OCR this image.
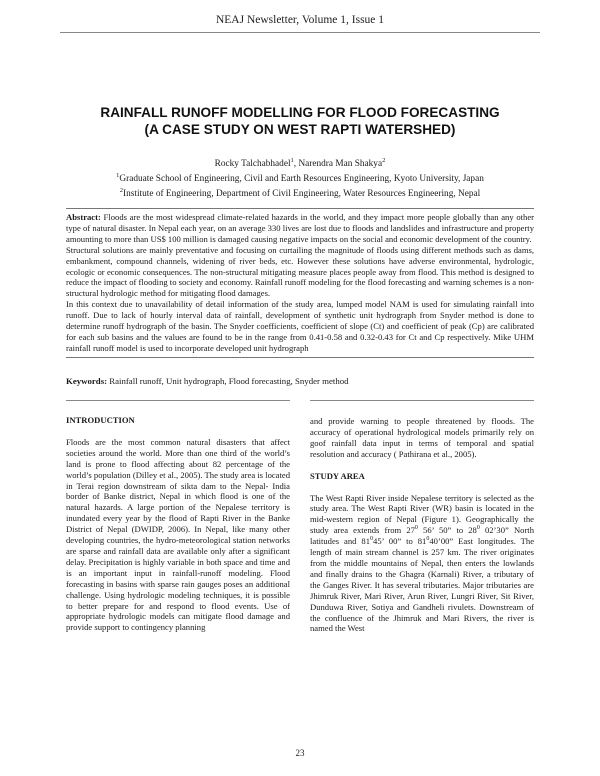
NEAJ Newsletter, Volume 1, Issue 1
RAINFALL RUNOFF MODELLING FOR FLOOD FORECASTING
(A CASE STUDY ON WEST RAPTI WATERSHED)
Rocky Talchabhadel$^1$, Narendra Man Shakya$^2$
$^1$Graduate School of Engineering, Civil and Earth Resources Engineering, Kyoto University, Japan
$^2$Institute of Engineering, Department of Civil Engineering, Water Resources Engineering, Nepal

Abstract: Floods are the most widespread climate-related hazards in the world, and they impact more people globally than any other type of natural disaster. In Nepal each year, on an average 330 lives are lost due to floods and landslides and infrastructure and property amounting to more than US$ 100 million is damaged causing negative impacts on the social and economic development of the country.

Structural solutions are mainly preventative and focusing on curtailing the magnitude of floods using different methods such as dams, embankment, compound channels, widening of river beds, etc. However these solutions have adverse environmental, hydrologic, ecologic or economic consequences. The non-structural mitigating measure places people away from flood. This method is designed to reduce the impact of flooding to society and economy. Rainfall runoff modeling for the flood forecasting and warning schemes is a non-structural hydrologic method for mitigating flood damages.

In this context due to unavailability of detail information of the study area, lumped model NAM is used for simulating rainfall into runoff. Due to lack of hourly interval data of rainfall, development of synthetic unit hydrograph from Snyder method is done to determine runoff hydrograph of the basin. The Snyder coefficients, coefficient of slope (Ct) and coefficient of peak (Cp) are calibrated for each sub basins and the values are found to be in the range from 0.41-0.58 and 0.32-0.43 for Ct and Cp respectively. Mike UHM rainfall runoff model is used to incorporate developed unit hydrograph

Keywords: Rainfall runoff, Unit hydrograph, Flood forecasting, Snyder method

INTRODUCTION

Floods are the most common natural disasters that affect societies around the world. More than one third of the world’s land is prone to flood affecting about 82 percentage of the world’s population (Dilley et al., 2005). The study area is located in Terai region downstream of sikta dam to the Nepal- India border of Banke district, Nepal in which flood is one of the natural hazards. A large portion of the Nepalese territory is inundated every year by the flood of Rapti River in the Banke District of Nepal (DWIDP, 2006). In Nepal, like many other developing countries, the hydro-meteorological station networks are sparse and rainfall data are available only after a significant delay. Precipitation is highly variable in both space and time and is an important input in rainfall-runoff modeling. Flood forecasting in basins with sparse rain gauges poses an additional challenge. Using hydrologic modeling techniques, it is possible to better prepare for and respond to flood events. Use of appropriate hydrologic models can mitigate flood damage and provide support to contingency planning

and provide warning to people threatened by floods. The accuracy of operational hydrological models primarily rely on goof rainfall data input in terms of temporal and spatial resolution and accuracy ( Pathirana et al., 2005).

STUDY AREA

The West Rapti River inside Nepalese territory is selected as the study area. The West Rapti River (WR) basin is located in the mid-western region of Nepal (Figure 1). Geographically the study area extends from $27^0$ 56’ 50” to $28^0$ 02’30” North latitudes and $81^045$’ 00” to $81^040’00$” East longitudes. The length of main stream channel is 257 km. The river originates from the middle mountains of Nepal, then enters the lowlands and finally drains to the Ghagra (Karnali) River, a tributary of the Ganges River. It has several tributaries. Major tributaries are Jhimruk River, Mari River, Arun River, Lungri River, Sit River, Dunduwa River, Sotiya and Gandheli rivulets. Downstream of the confluence of the Jhimruk and Mari Rivers, the river is named the West

23
